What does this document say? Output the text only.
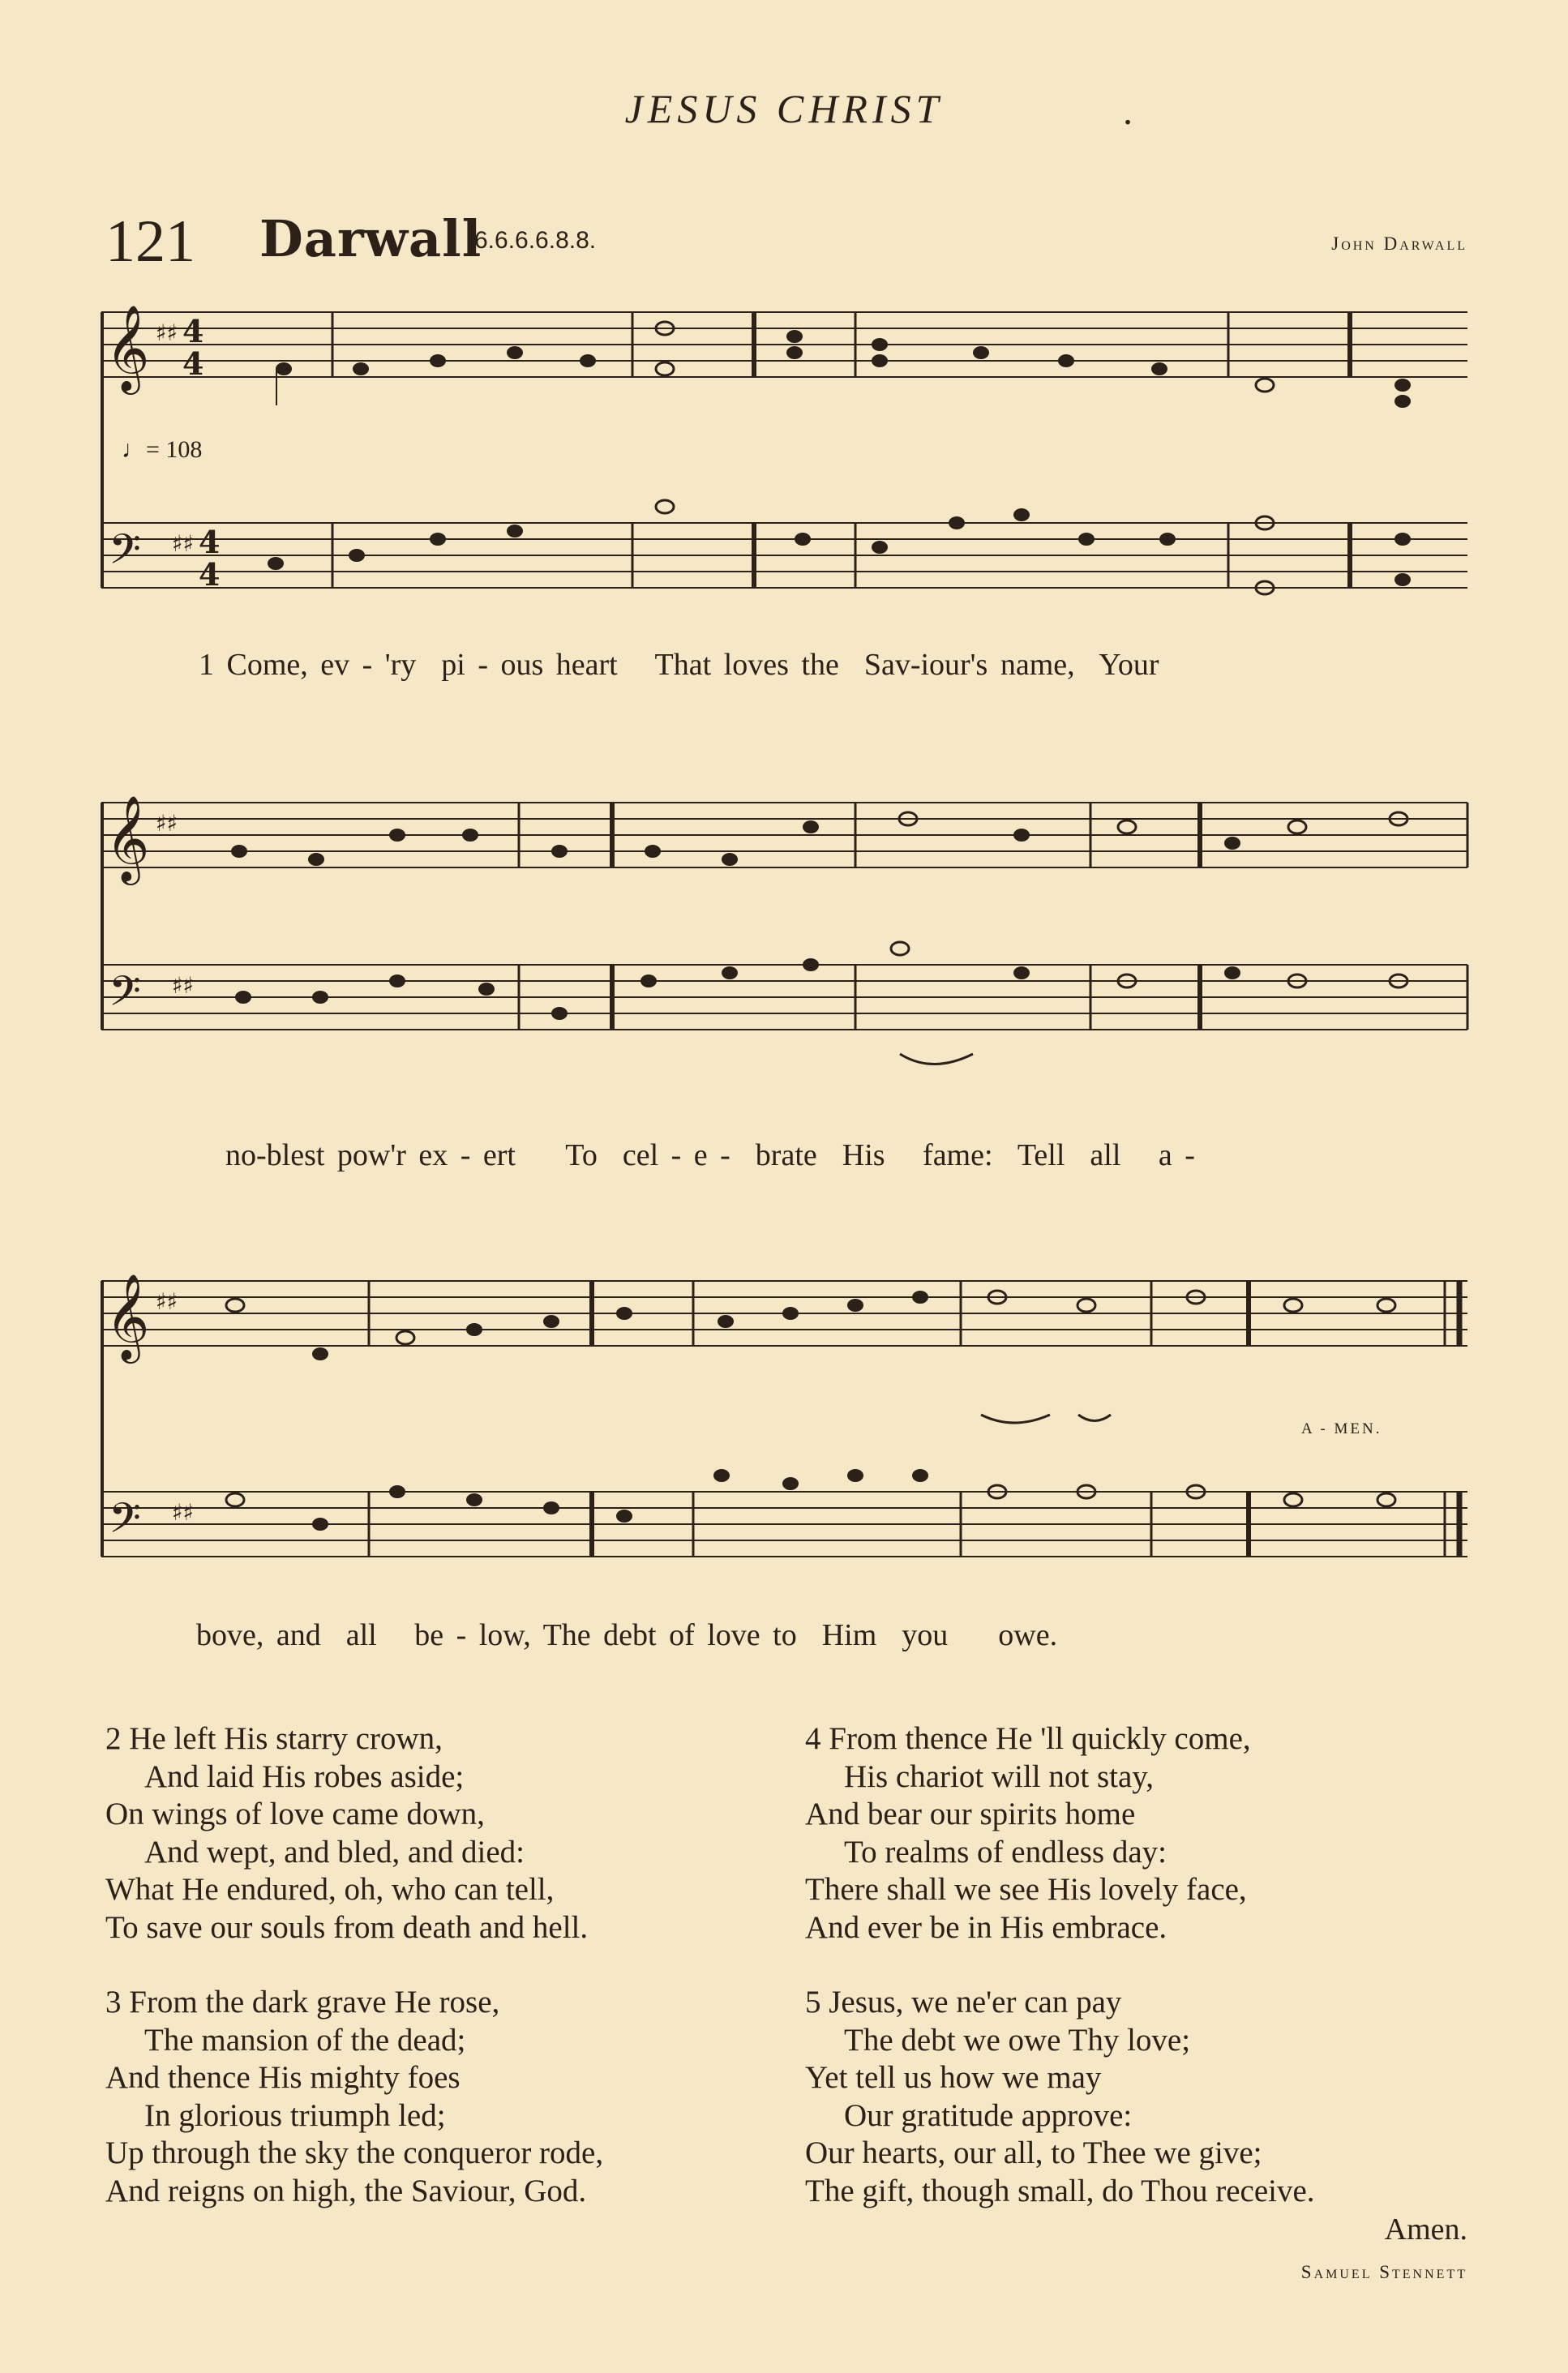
JESUS CHRIST	.
121 Darwall
6.6.6.6.8.8.	John Darwall
𝄞
𝄢
♯♯ 4
4
♯♯ 4
4
♩= 108
1 Come, ev - 'ry  pi - ous heart   That loves the  Sav-iour's name,  Your
𝄞
𝄢
♯♯
♯♯
no-blest pow'r ex - ert    To  cel - e -  brate  His   fame:  Tell  all   a -
𝄞
𝄢
♯♯
♯♯
A - MEN.
bove, and  all   be - low, The debt of love to  Him  you    owe.
2 He left His starry crown,
And laid His robes aside;
On wings of love came down,
And wept, and bled, and died:
What He endured, oh, who can tell,
To save our souls from death and hell.
3 From the dark grave He rose,
The mansion of the dead;
And thence His mighty foes
In glorious triumph led;
Up through the sky the conqueror rode,
And reigns on high, the Saviour, God.
4 From thence He 'll quickly come,
His chariot will not stay,
And bear our spirits home
To realms of endless day:
There shall we see His lovely face,
And ever be in His embrace.
5 Jesus, we ne'er can pay
The debt we owe Thy love;
Yet tell us how we may
Our gratitude approve:
Our hearts, our all, to Thee we give;
The gift, though small, do Thou receive.
Amen.
Samuel Stennett
